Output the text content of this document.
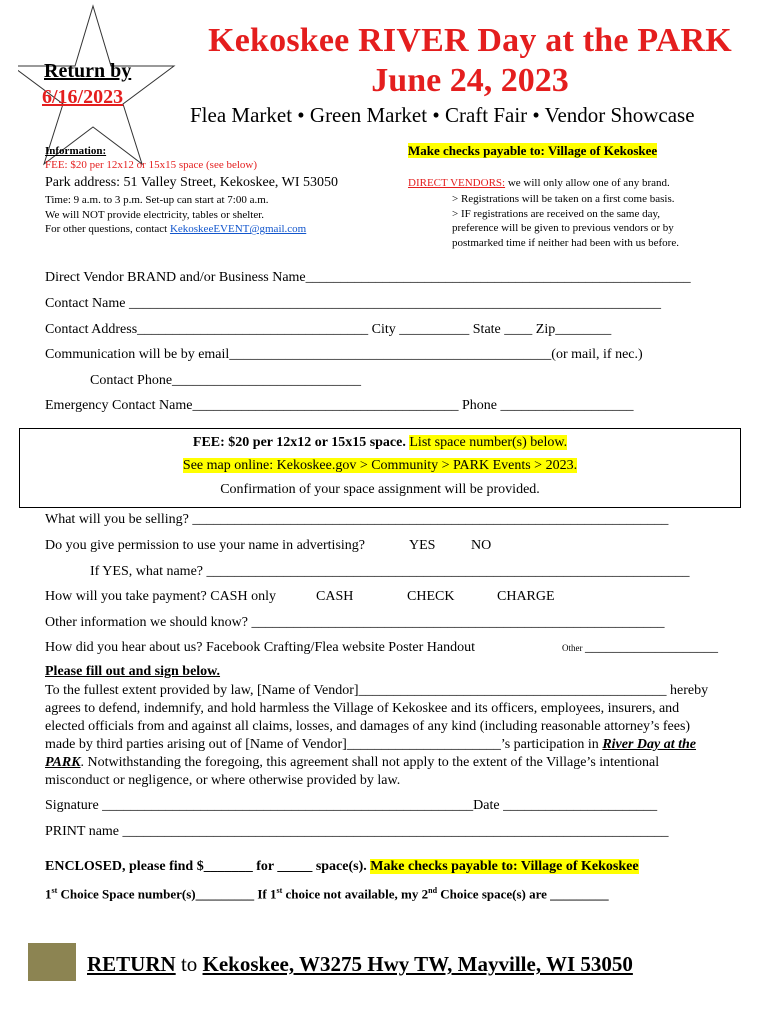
Return by
6/16/2023
Kekoskee RIVER Day at the PARK
June 24, 2023
Flea Market • Green Market • Craft Fair • Vendor Showcase
Information:
FEE: $20 per 12x12 or 15x15 space (see below)
Park address: 51 Valley Street, Kekoskee, WI 53050
Time: 9 a.m. to 3 p.m. Set-up can start at 7:00 a.m.
We will NOT provide electricity, tables or shelter.
For other questions, contact KekoskeeEVENT@gmail.com
Make checks payable to: Village of Kekoskee
DIRECT VENDORS: we will only allow one of any brand.
> Registrations will be taken on a first come basis.
> IF registrations are received on the same day,
preference will be given to previous vendors or by
postmarked time if neither had been with us before.
Direct Vendor BRAND and/or Business Name_______________________________________________________
Contact Name ____________________________________________________________________________
Contact Address_________________________________ City __________ State ____ Zip________
Communication will be by email______________________________________________(or mail, if nec.)
Contact Phone___________________________
Emergency Contact Name______________________________________ Phone ___________________
FEE: $20 per 12x12 or 15x15 space. List space number(s) below.
See map online: Kekoskee.gov > Community > PARK Events > 2023.
Confirmation of your space assignment will be provided.
What will you be selling? ____________________________________________________________________
Do you give permission to use your name in advertising?	YES	NO
If YES, what name? _____________________________________________________________________
How will you take payment? CASH only	CASH	CHECK	CHARGE
Other information we should know? ___________________________________________________________
How did you hear about us? Facebook Crafting/Flea website Poster Handout	Other ___________________
Please fill out and sign below.
To the fullest extent provided by law, [Name of Vendor]____________________________________________ hereby agrees to defend, indemnify, and hold harmless the Village of Kekoskee and its officers, employees, insurers, and elected officials from and against all claims, losses, and damages of any kind (including reasonable attorney’s fees) made by third parties arising out of [Name of Vendor]______________________’s participation in River Day at the PARK. Notwithstanding the foregoing, this agreement shall not apply to the extent of the Village’s intentional misconduct or negligence, or where otherwise provided by law.
Signature _____________________________________________________Date ______________________
PRINT name ______________________________________________________________________________
ENCLOSED, please find $_______ for _____ space(s). Make checks payable to: Village of Kekoskee
1st Choice Space number(s)_________ If 1st choice not available, my 2nd Choice space(s) are _________
RETURN to Kekoskee, W3275 Hwy TW, Mayville, WI 53050
